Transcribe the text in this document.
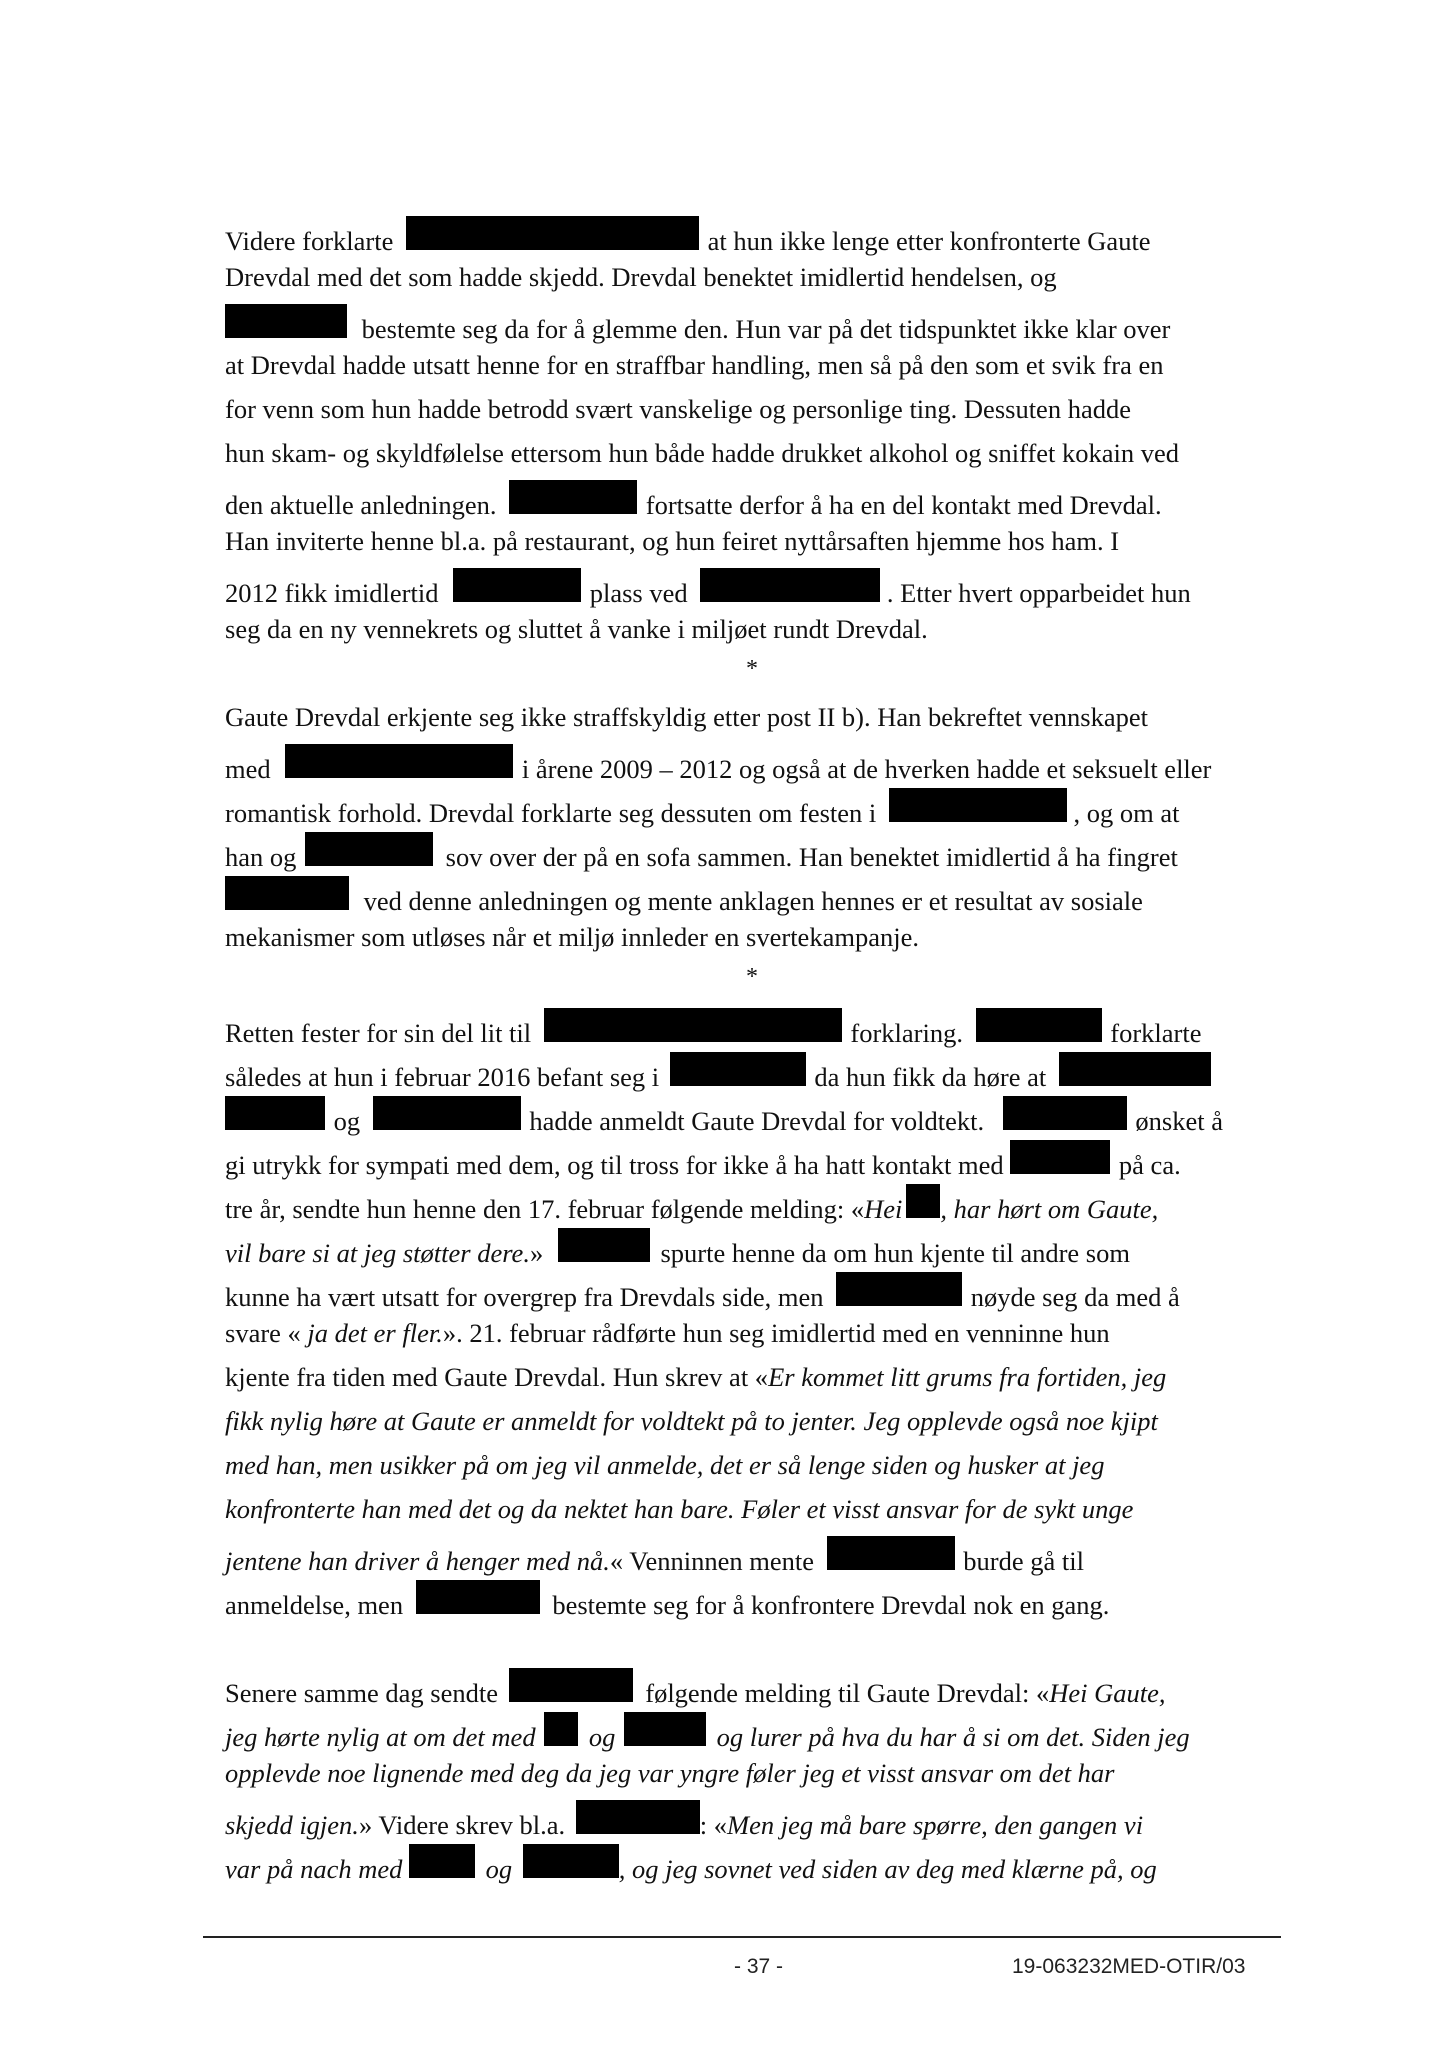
Videre forklarte	at hun ikke lenge etter konfronterte Gaute
Drevdal med det som hadde skjedd. Drevdal benektet imidlertid hendelsen, og
bestemte seg da for å glemme den. Hun var på det tidspunktet ikke klar over
at Drevdal hadde utsatt henne for en straffbar handling, men så på den som et svik fra en
for venn som hun hadde betrodd svært vanskelige og personlige ting. Dessuten hadde
hun skam- og skyldfølelse ettersom hun både hadde drukket alkohol og sniffet kokain ved
den aktuelle anledningen.	fortsatte derfor å ha en del kontakt med Drevdal.
Han inviterte henne bl.a. på restaurant, og hun feiret nyttårsaften hjemme hos ham. I
2012 fikk imidlertid	plass ved	. Etter hvert opparbeidet hun
seg da en ny vennekrets og sluttet å vanke i miljøet rundt Drevdal.
*
Gaute Drevdal erkjente seg ikke straffskyldig etter post II b). Han bekreftet vennskapet
med	i årene 2009 – 2012 og også at de hverken hadde et seksuelt eller
romantisk forhold. Drevdal forklarte seg dessuten om festen i	, og om at
han og	sov over der på en sofa sammen. Han benektet imidlertid å ha fingret
ved denne anledningen og mente anklagen hennes er et resultat av sosiale
mekanismer som utløses når et miljø innleder en svertekampanje.
*
Retten fester for sin del lit til	forklaring.	forklarte
således at hun i februar 2016 befant seg i	da hun fikk da høre at
og	hadde anmeldt Gaute Drevdal for voldtekt.	ønsket å
gi utrykk for sympati med dem, og til tross for ikke å ha hatt kontakt med	på ca.
tre år, sendte hun henne den 17. februar følgende melding: «Hei , har hørt om Gaute,
vil bare si at jeg støtter dere.»	spurte henne da om hun kjente til andre som
kunne ha vært utsatt for overgrep fra Drevdals side, men	nøyde seg da med å
svare « ja det er fler.». 21. februar rådførte hun seg imidlertid med en venninne hun
kjente fra tiden med Gaute Drevdal. Hun skrev at «Er kommet litt grums fra fortiden, jeg
fikk nylig høre at Gaute er anmeldt for voldtekt på to jenter. Jeg opplevde også noe kjipt
med han, men usikker på om jeg vil anmelde, det er så lenge siden og husker at jeg
konfronterte han med det og da nektet han bare. Føler et visst ansvar for de sykt unge
jentene han driver å henger med nå.« Venninnen mente	burde gå til
anmeldelse, men	bestemte seg for å konfrontere Drevdal nok en gang.
Senere samme dag sendte	følgende melding til Gaute Drevdal: «Hei Gaute,
jeg hørte nylig at om det med og	og lurer på hva du har å si om det. Siden jeg
opplevde noe lignende med deg da jeg var yngre føler jeg et visst ansvar om det har
skjedd igjen.» Videre skrev bl.a.	: «Men jeg må bare spørre, den gangen vi
var på nach med	og	, og jeg sovnet ved siden av deg med klærne på, og
- 37 -	19-063232MED-OTIR/03
